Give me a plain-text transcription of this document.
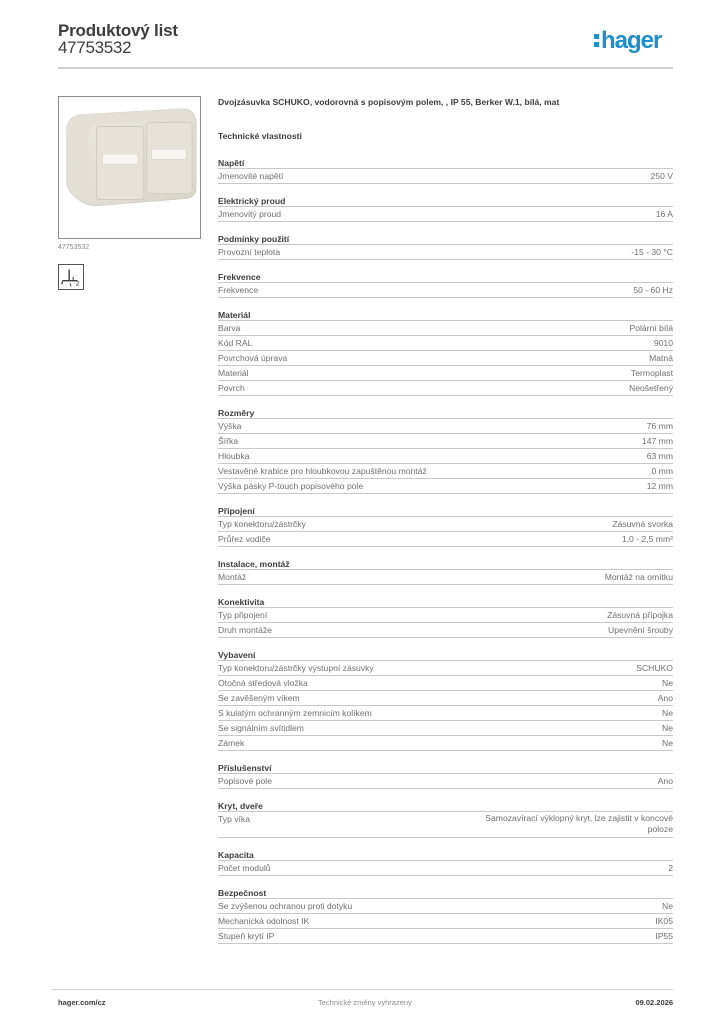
Produktový list
47753532	hager
47753532
2
Dvojzásuvka SCHUKO, vodorovná s popisovým polem, , IP 55, Berker W.1, bílá, mat
Technické vlastnosti
Napětí
Jmenovité napětí	250 V
Elektrický proud
Jmenovitý proud	16 A
Podmínky použití
Provozní teplota	-15 - 30 °C
Frekvence
Frekvence	50 - 60 Hz
Materiál
Barva	Polární bílá
Kód RAL	9010
Povrchová úprava	Matná
Materiál	Termoplast
Povrch	Neošetřený
Rozměry
Výška	76 mm
Šířka	147 mm
Hloubka	63 mm
Vestavěné krabice pro hloubkovou zapuštěnou montáž	0 mm
Výška pásky P-touch popisového pole	12 mm
Připojení
Typ konektoru/zástrčky	Zásuvná svorka
Průřez vodiče	1,0 - 2,5 mm²
Instalace, montáž
Montáž	Montáž na omítku
Konektivita
Typ připojení	Zásuvná přípojka
Druh montáže	Upevnění šrouby
Vybavení
Typ konektoru/zástrčky výstupní zásuvky	SCHUKO
Otočná středová vložka	Ne
Se zavěšeným víkem	Ano
S kulatým ochranným zemnicím kolíkem	Ne
Se signálním svítidlem	Ne
Zámek	Ne
Příslušenství
Popisové pole	Ano
Kryt, dveře
Typ víka	Samozavírací výklopný kryt, lze zajistit v koncové poloze
Kapacita
Počet modulů	2
Bezpečnost
Se zvýšenou ochranou proti dotyku	Ne
Mechanická odolnost IK	IK05
Stupeň krytí IP	IP55
hager.com/cz	Technické změny vyhrazeny	09.02.2026
